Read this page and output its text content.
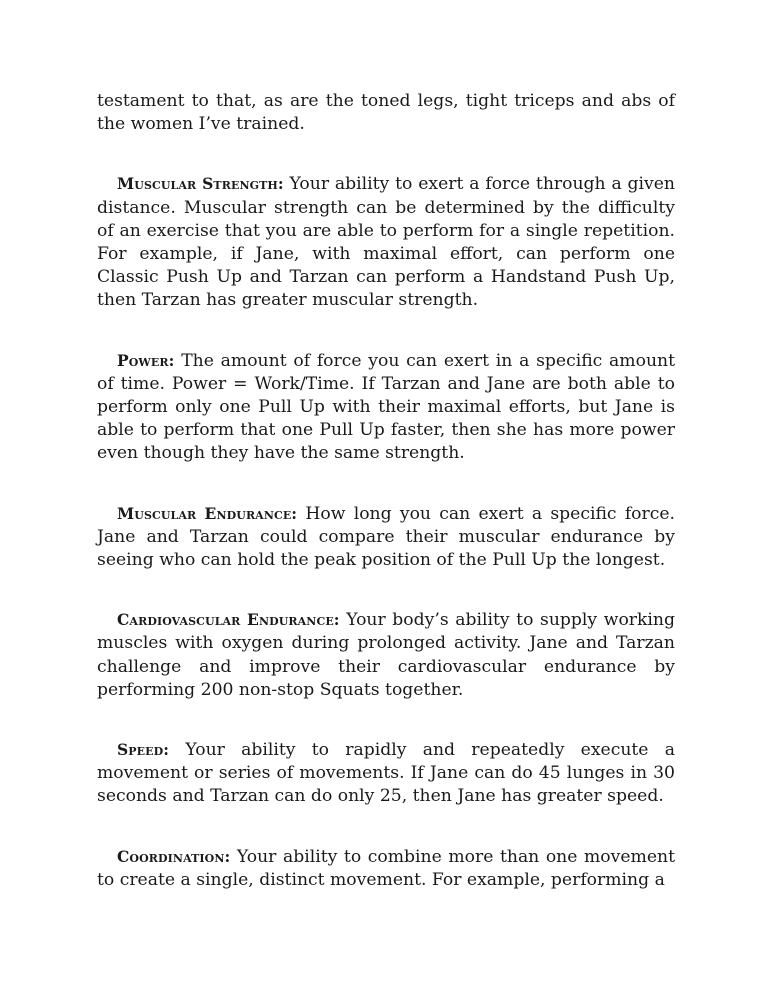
testament to that, as are the toned legs, tight triceps and abs of the women I’ve trained.

Muscular Strength: Your ability to exert a force through a given distance. Muscular strength can be determined by the difficulty of an exercise that you are able to perform for a single repetition. For example, if Jane, with maximal effort, can perform one Classic Push Up and Tarzan can perform a Handstand Push Up, then Tarzan has greater muscular strength.

Power: The amount of force you can exert in a specific amount of time. Power = Work/Time. If Tarzan and Jane are both able to perform only one Pull Up with their maximal efforts, but Jane is able to perform that one Pull Up faster, then she has more power even though they have the same strength.

Muscular Endurance: How long you can exert a specific force. Jane and Tarzan could compare their muscular endurance by seeing who can hold the peak position of the Pull Up the longest.

Cardiovascular Endurance: Your body’s ability to supply working muscles with oxygen during prolonged activity. Jane and Tarzan challenge and improve their cardiovascular endurance by performing 200 non-stop Squats together.

Speed: Your ability to rapidly and repeatedly execute a movement or series of movements. If Jane can do 45 lunges in 30 seconds and Tarzan can do only 25, then Jane has greater speed.

Coordination: Your ability to combine more than one movement to create a single, distinct movement. For example, performing a
